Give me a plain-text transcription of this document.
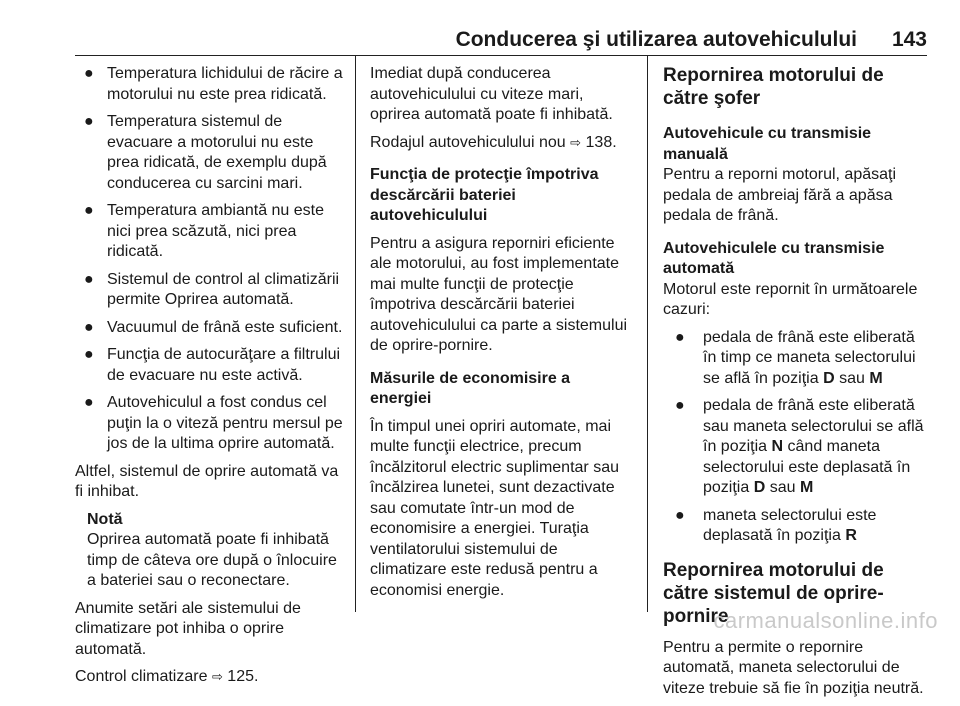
Conducerea şi utilizarea autovehiculului 143
● Temperatura lichidului de răcire a motorului nu este prea ridicată.
● Temperatura sistemul de evacuare a motorului nu este prea ridicată, de exemplu după conducerea cu sarcini mari.
● Temperatura ambiantă nu este nici prea scăzută, nici prea ridicată.
● Sistemul de control al climatizării permite Oprirea automată.
● Vacuumul de frână este suficient.
● Funcţia de autocurăţare a filtrului de evacuare nu este activă.
● Autovehiculul a fost condus cel puţin la o viteză pentru mersul pe jos de la ultima oprire automată.

Altfel, sistemul de oprire automată va fi inhibat.

Notă
Oprirea automată poate fi inhibată timp de câteva ore după o înlocuire a bateriei sau o reconectare.

Anumite setări ale sistemului de climatizare pot inhiba o oprire automată.

Control climatizare ⇨ 125.

Imediat după conducerea autovehiculului cu viteze mari, oprirea automată poate fi inhibată.

Rodajul autovehiculului nou ⇨ 138.

Funcţia de protecţie împotriva descărcării bateriei autovehiculului

Pentru a asigura reporniri eficiente ale motorului, au fost implementate mai multe funcţii de protecţie împotriva descărcării bateriei autovehiculului ca parte a sistemului de oprire-pornire.

Măsurile de economisire a energiei

În timpul unei opriri automate, mai multe funcţii electrice, precum încălzitorul electric suplimentar sau încălzirea lunetei, sunt dezactivate sau comutate într-un mod de economisire a energiei. Turaţia ventilatorului sistemului de climatizare este redusă pentru a economisi energie.

Repornirea motorului de către şofer

Autovehicule cu transmisie manuală

Pentru a reporni motorul, apăsaţi pedala de ambreiaj fără a apăsa pedala de frână.

Autovehiculele cu transmisie automată

Motorul este repornit în următoarele cazuri:

● pedala de frână este eliberată în timp ce maneta selectorului se află în poziţia D sau M
● pedala de frână este eliberată sau maneta selectorului se află în poziţia N când maneta selectorului este deplasată în poziţia D sau M
● maneta selectorului este deplasată în poziţia R
Repornirea motorului de către sistemul de oprire-pornire

Pentru a permite o repornire automată, maneta selectorului de viteze trebuie să fie în poziţia neutră.

carmanualsonline.info
